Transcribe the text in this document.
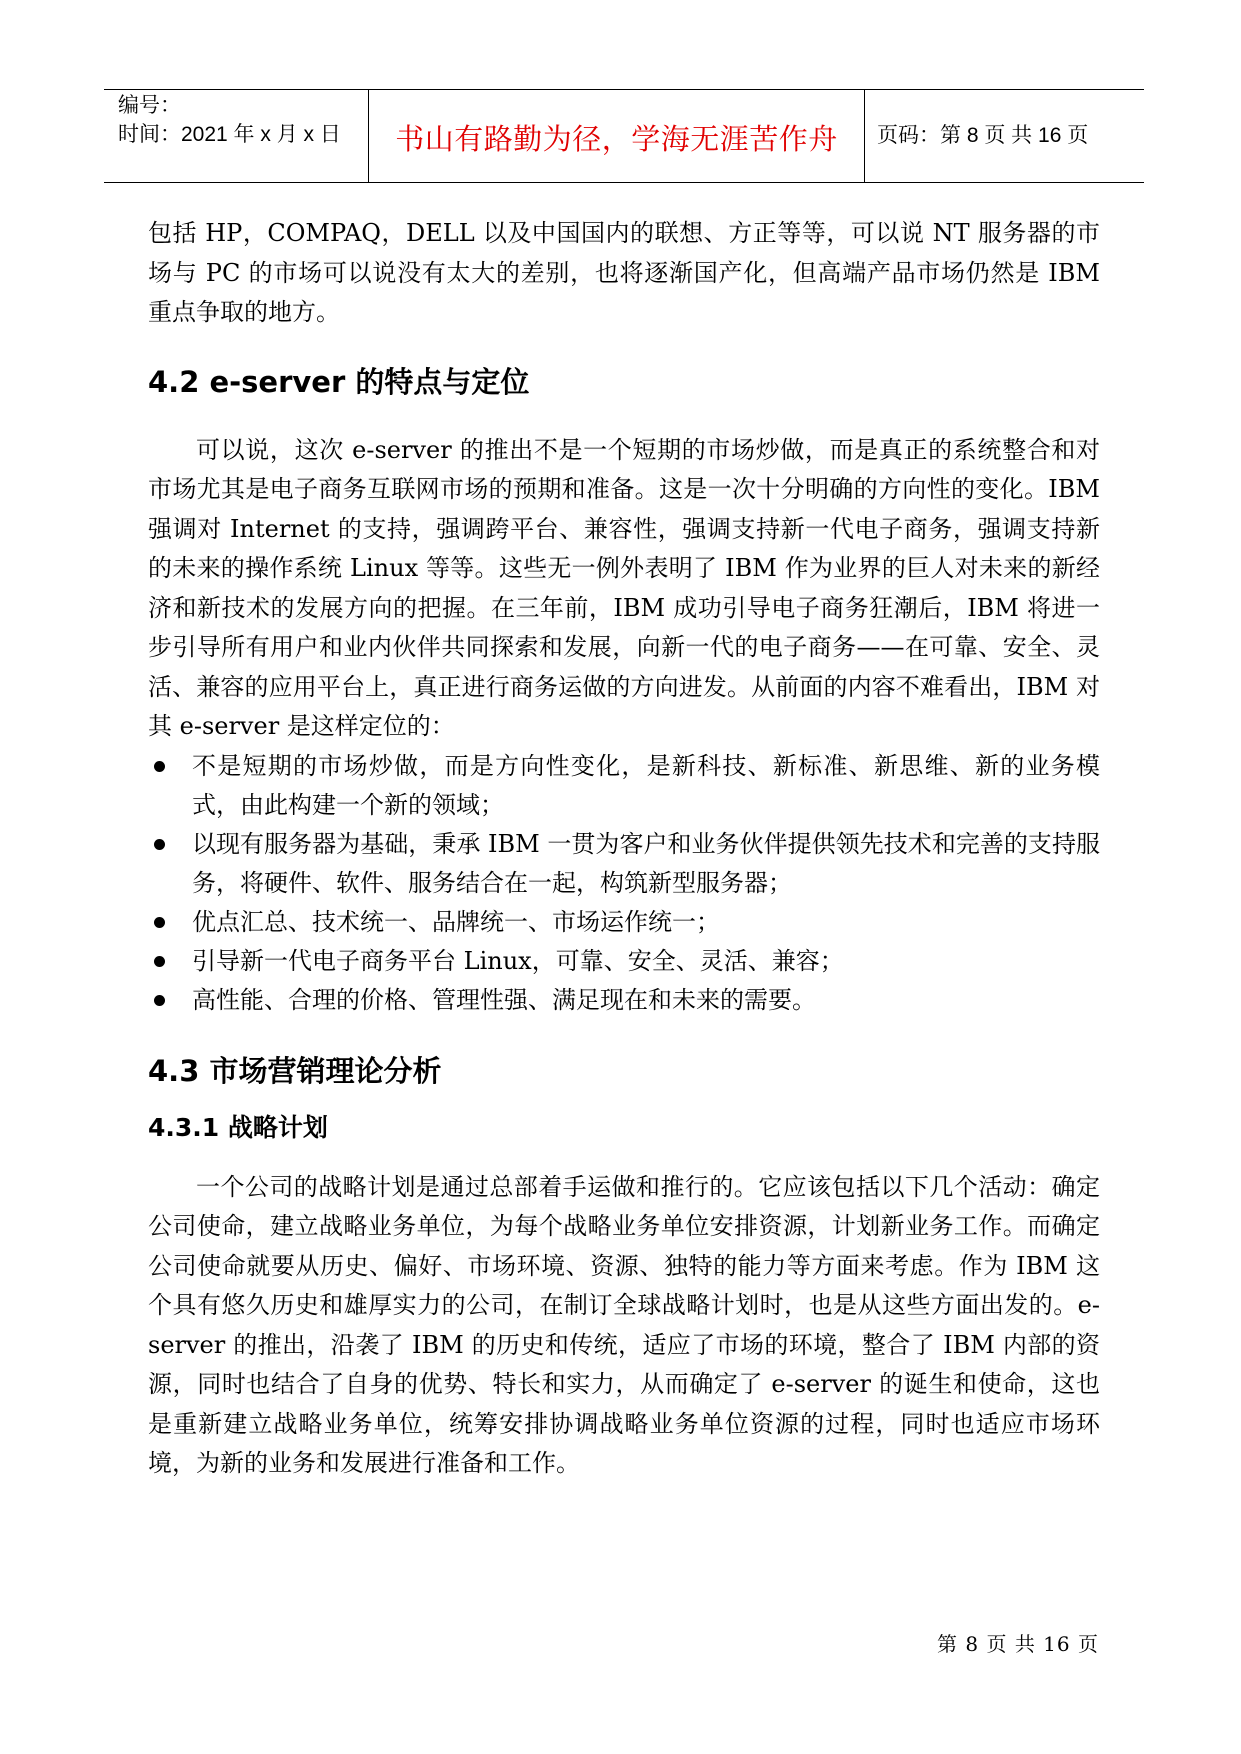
编号：
时间：2021 年 x 月 x 日	书山有路勤为径，学海无涯苦作舟	页码：第 8 页 共 16 页

包括 HP，COMPAQ，DELL 以及中国国内的联想、方正等等，可以说 NT 服务器的市场与 PC 的市场可以说没有太大的差别，也将逐渐国产化，但高端产品市场仍然是 IBM 重点争取的地方。

4.2 e-server 的特点与定位

可以说，这次 e-server 的推出不是一个短期的市场炒做，而是真正的系统整合和对市场尤其是电子商务互联网市场的预期和准备。这是一次十分明确的方向性的变化。IBM 强调对 Internet 的支持，强调跨平台、兼容性，强调支持新一代电子商务，强调支持新的未来的操作系统 Linux 等等。这些无一例外表明了 IBM 作为业界的巨人对未来的新经济和新技术的发展方向的把握。在三年前，IBM 成功引导电子商务狂潮后，IBM 将进一步引导所有用户和业内伙伴共同探索和发展，向新一代的电子商务——在可靠、安全、灵活、兼容的应用平台上，真正进行商务运做的方向进发。从前面的内容不难看出，IBM 对其 e-server 是这样定位的：

不是短期的市场炒做，而是方向性变化，是新科技、新标准、新思维、新的业务模式，由此构建一个新的领域；
以现有服务器为基础，秉承 IBM 一贯为客户和业务伙伴提供领先技术和完善的支持服务，将硬件、软件、服务结合在一起，构筑新型服务器；
优点汇总、技术统一、品牌统一、市场运作统一；
引导新一代电子商务平台 Linux，可靠、安全、灵活、兼容；
高性能、合理的价格、管理性强、满足现在和未来的需要。
4.3 市场营销理论分析
4.3.1 战略计划

一个公司的战略计划是通过总部着手运做和推行的。它应该包括以下几个活动：确定公司使命，建立战略业务单位，为每个战略业务单位安排资源，计划新业务工作。而确定公司使命就要从历史、偏好、市场环境、资源、独特的能力等方面来考虑。作为 IBM 这个具有悠久历史和雄厚实力的公司，在制订全球战略计划时，也是从这些方面出发的。e-server 的推出，沿袭了 IBM 的历史和传统，适应了市场的环境，整合了 IBM 内部的资源，同时也结合了自身的优势、特长和实力，从而确定了 e-server 的诞生和使命，这也是重新建立战略业务单位，统筹安排协调战略业务单位资源的过程，同时也适应市场环境，为新的业务和发展进行准备和工作。

第 8 页 共 16 页
